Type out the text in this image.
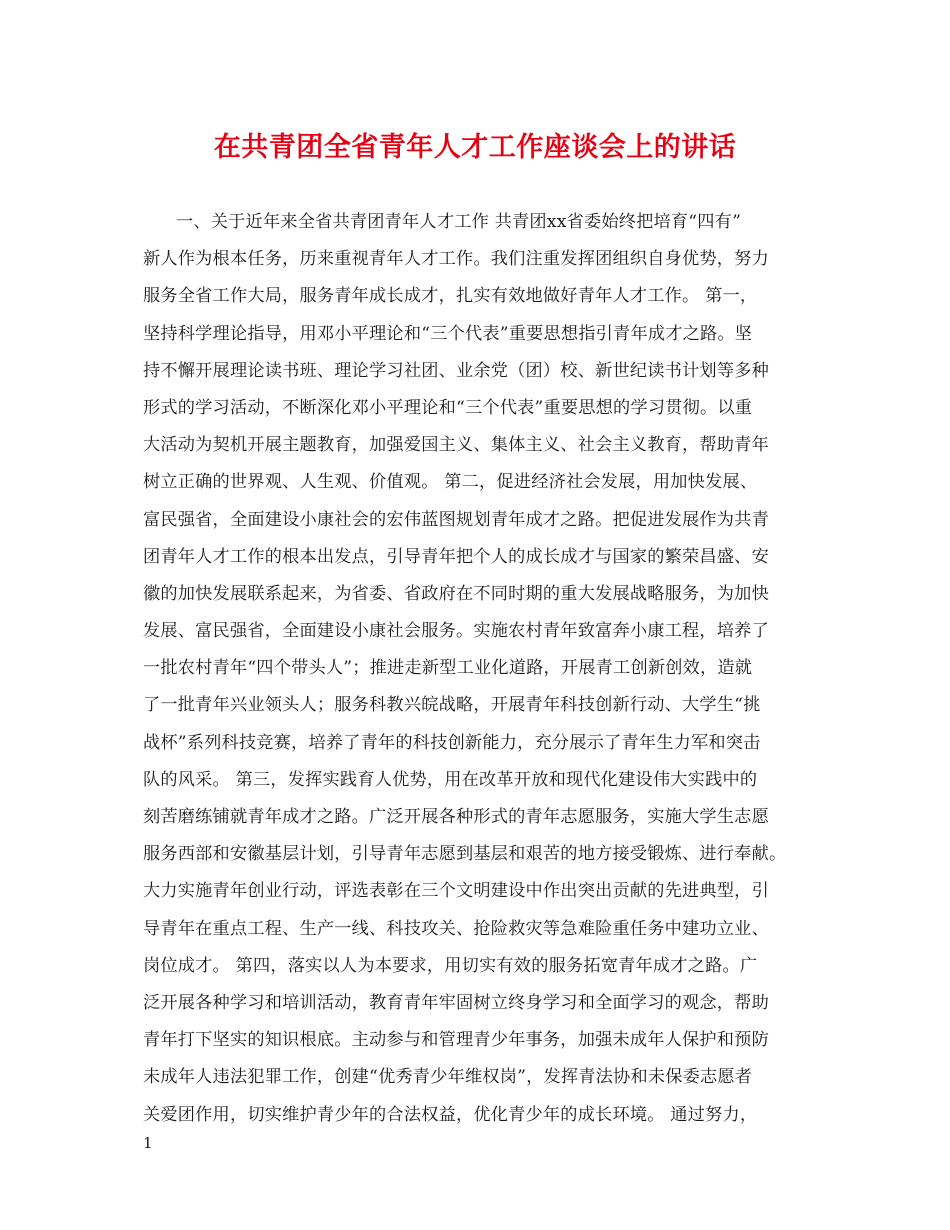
在共青团全省青年人才工作座谈会上的讲话
一、关于近年来全省共青团青年人才工作 共青团xx省委始终把培育“四有”
新人作为根本任务，历来重视青年人才工作。我们注重发挥团组织自身优势，努力
服务全省工作大局，服务青年成长成才，扎实有效地做好青年人才工作。 第一，
坚持科学理论指导，用邓小平理论和“三个代表”重要思想指引青年成才之路。坚
持不懈开展理论读书班、理论学习社团、业余党（团）校、新世纪读书计划等多种
形式的学习活动，不断深化邓小平理论和“三个代表”重要思想的学习贯彻。以重
大活动为契机开展主题教育，加强爱国主义、集体主义、社会主义教育，帮助青年
树立正确的世界观、人生观、价值观。 第二，促进经济社会发展，用加快发展、
富民强省，全面建设小康社会的宏伟蓝图规划青年成才之路。把促进发展作为共青
团青年人才工作的根本出发点，引导青年把个人的成长成才与国家的繁荣昌盛、安
徽的加快发展联系起来，为省委、省政府在不同时期的重大发展战略服务，为加快
发展、富民强省，全面建设小康社会服务。实施农村青年致富奔小康工程，培养了
一批农村青年“四个带头人”；推进走新型工业化道路，开展青工创新创效，造就
了一批青年兴业领头人；服务科教兴皖战略，开展青年科技创新行动、大学生“挑
战杯”系列科技竞赛，培养了青年的科技创新能力，充分展示了青年生力军和突击
队的风采。 第三，发挥实践育人优势，用在改革开放和现代化建设伟大实践中的
刻苦磨练铺就青年成才之路。广泛开展各种形式的青年志愿服务，实施大学生志愿
服务西部和安徽基层计划，引导青年志愿到基层和艰苦的地方接受锻炼、进行奉献。
大力实施青年创业行动，评选表彰在三个文明建设中作出突出贡献的先进典型，引
导青年在重点工程、生产一线、科技攻关、抢险救灾等急难险重任务中建功立业、
岗位成才。 第四，落实以人为本要求，用切实有效的服务拓宽青年成才之路。广
泛开展各种学习和培训活动，教育青年牢固树立终身学习和全面学习的观念，帮助
青年打下坚实的知识根底。主动参与和管理青少年事务，加强未成年人保护和预防
未成年人违法犯罪工作，创建“优秀青少年维权岗”，发挥青法协和未保委志愿者
关爱团作用，切实维护青少年的合法权益，优化青少年的成长环境。 通过努力，
1
